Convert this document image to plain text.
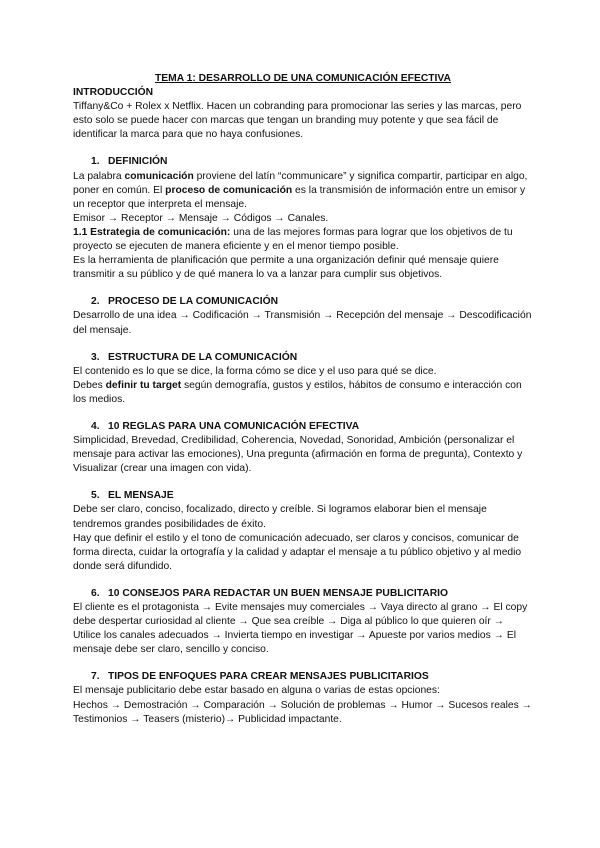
TEMA 1: DESARROLLO DE UNA COMUNICACIÓN EFECTIVA

INTRODUCCIÓN

Tiffany&Co + Rolex x Netflix. Hacen un cobranding para promocionar las series y las marcas, pero esto solo se puede hacer con marcas que tengan un branding muy potente y que sea fácil de identificar la marca para que no haya confusiones.

1. DEFINICIÓN

La palabra comunicación proviene del latín “communicare” y significa compartir, participar en algo, poner en común. El proceso de comunicación es la transmisión de información entre un emisor y un receptor que interpreta el mensaje.

Emisor → Receptor → Mensaje → Códigos → Canales.

1.1 Estrategia de comunicación: una de las mejores formas para lograr que los objetivos de tu proyecto se ejecuten de manera eficiente y en el menor tiempo posible.

Es la herramienta de planificación que permite a una organización definir qué mensaje quiere transmitir a su público y de qué manera lo va a lanzar para cumplir sus objetivos.

2. PROCESO DE LA COMUNICACIÓN

Desarrollo de una idea → Codificación → Transmisión → Recepción del mensaje → Descodificación del mensaje.

3. ESTRUCTURA DE LA COMUNICACIÓN

El contenido es lo que se dice, la forma cómo se dice y el uso para qué se dice.

Debes definir tu target según demografía, gustos y estilos, hábitos de consumo e interacción con los medios.

4. 10 REGLAS PARA UNA COMUNICACIÓN EFECTIVA

Simplicidad, Brevedad, Credibilidad, Coherencia, Novedad, Sonoridad, Ambición (personalizar el mensaje para activar las emociones), Una pregunta (afirmación en forma de pregunta), Contexto y Visualizar (crear una imagen con vida).

5. EL MENSAJE

Debe ser claro, conciso, focalizado, directo y creíble. Si logramos elaborar bien el mensaje tendremos grandes posibilidades de éxito.

Hay que definir el estilo y el tono de comunicación adecuado, ser claros y concisos, comunicar de forma directa, cuidar la ortografía y la calidad y adaptar el mensaje a tu público objetivo y al medio donde será difundido.

6. 10 CONSEJOS PARA REDACTAR UN BUEN MENSAJE PUBLICITARIO

El cliente es el protagonista → Evite mensajes muy comerciales → Vaya directo al grano → El copy debe despertar curiosidad al cliente → Que sea creíble → Diga al público lo que quieren oír → Utilice los canales adecuados → Invierta tiempo en investigar → Apueste por varios medios → El mensaje debe ser claro, sencillo y conciso.

7. TIPOS DE ENFOQUES PARA CREAR MENSAJES PUBLICITARIOS

El mensaje publicitario debe estar basado en alguna o varias de estas opciones:

Hechos → Demostración → Comparación → Solución de problemas → Humor → Sucesos reales → Testimonios → Teasers (misterio)→ Publicidad impactante.
